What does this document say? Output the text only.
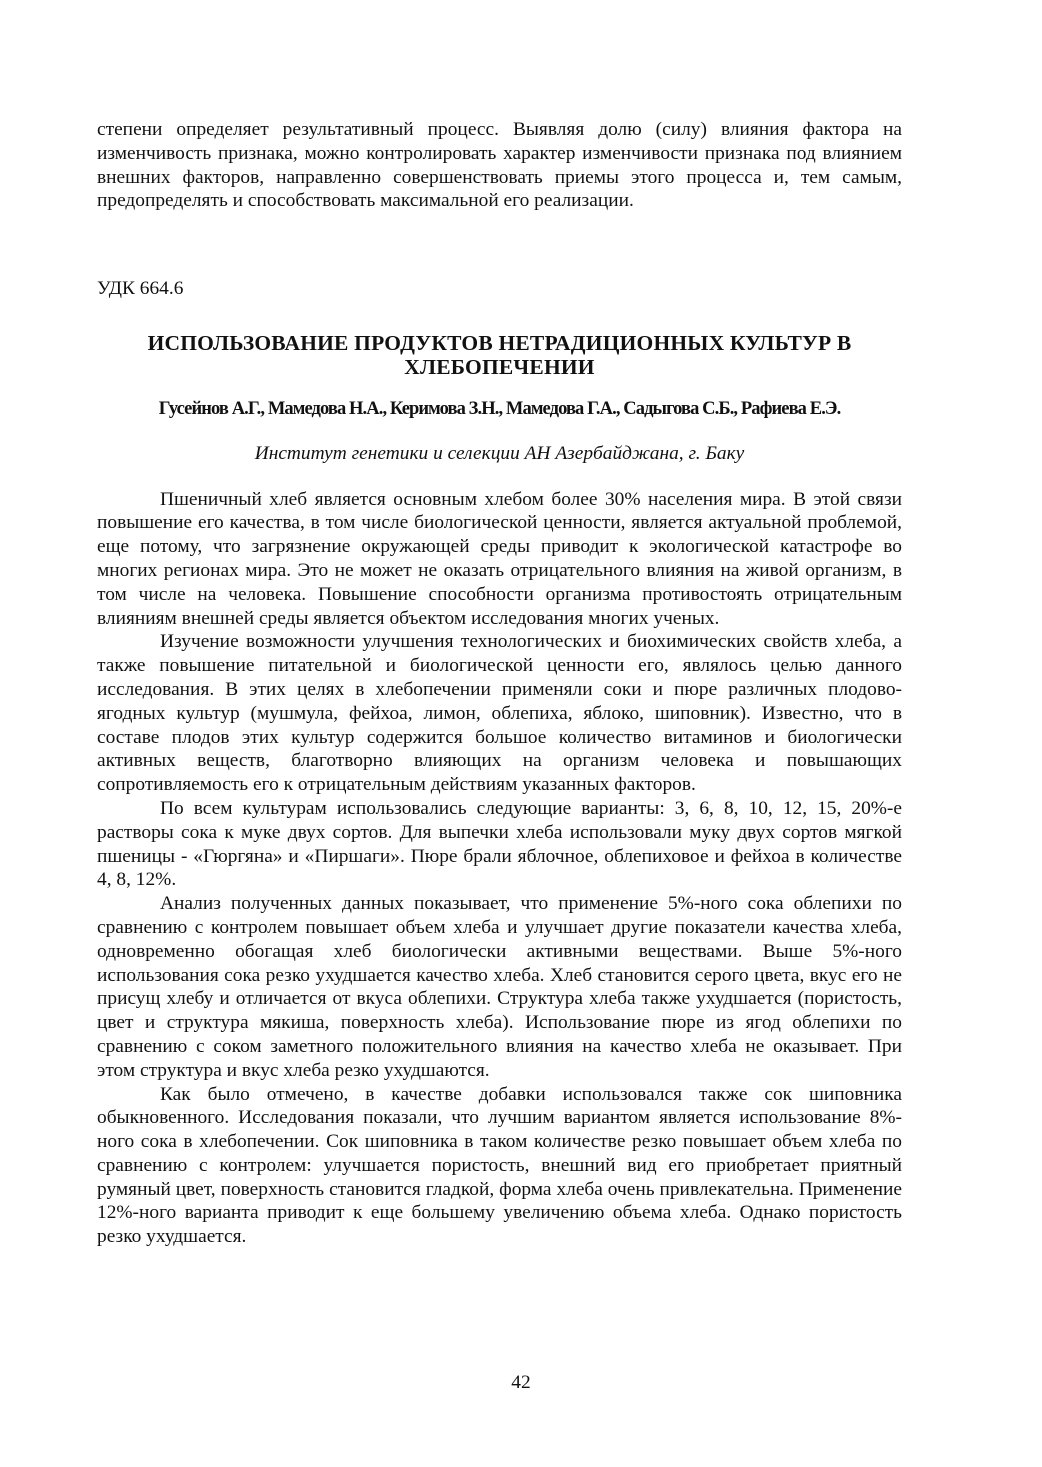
степени определяет результативный процесс. Выявляя долю (силу) влияния фактора на изменчивость признака, можно контролировать характер изменчивости признака под влиянием внешних факторов, направленно совершенствовать приемы этого процесса и, тем самым, предопределять и способствовать максимальной его реализации.

УДК 664.6

ИСПОЛЬЗОВАНИЕ ПРОДУКТОВ НЕТРАДИЦИОННЫХ КУЛЬТУР В
ХЛЕБОПЕЧЕНИИ

Гусейнов А.Г., Мамедова Н.А., Керимова З.Н., Мамедова Г.А., Садыгова С.Б., Рафиева Е.Э.

Институт генетики и селекции АН Азербайджана, г. Баку

Пшеничный хлеб является основным хлебом более 30% населения мира. В этой связи повышение его качества, в том числе биологической ценности, является актуальной проблемой, еще потому, что загрязнение окружающей среды приводит к экологической катастрофе во многих регионах мира. Это не может не оказать отрицательного влияния на живой организм, в том числе на человека. Повышение способности организма противостоять отрицательным влияниям внешней среды является объектом исследования многих ученых.

Изучение возможности улучшения технологических и биохимических свойств хлеба, а также повышение питательной и биологической ценности его, являлось целью данного исследования. В этих целях в хлебопечении применяли соки и пюре различных плодово-ягодных культур (мушмула, фейхоа, лимон, облепиха, яблоко, шиповник). Известно, что в составе плодов этих культур содержится большое количество витаминов и биологически активных веществ, благотворно влияющих на организм человека и повышающих сопротивляемость его к отрицательным действиям указанных факторов.

По всем культурам использовались следующие варианты: 3, 6, 8, 10, 12, 15, 20%-е растворы сока к муке двух сортов. Для выпечки хлеба использовали муку двух сортов мягкой пшеницы - «Гюргяна» и «Пиршаги». Пюре брали яблочное, облепиховое и фейхоа в количестве 4, 8, 12%.

Анализ полученных данных показывает, что применение 5%-ного сока облепихи по сравнению с контролем повышает объем хлеба и улучшает другие показатели качества хлеба, одновременно обогащая хлеб биологически активными веществами. Выше 5%-ного использования сока резко ухудшается качество хлеба. Хлеб становится серого цвета, вкус его не присущ хлебу и отличается от вкуса облепихи. Структура хлеба также ухудшается (пористость, цвет и структура мякиша, поверхность хлеба). Использование пюре из ягод облепихи по сравнению с соком заметного положительного влияния на качество хлеба не оказывает. При этом структура и вкус хлеба резко ухудшаются.

Как было отмечено, в качестве добавки использовался также сок шиповника обыкновенного. Исследования показали, что лучшим вариантом является использование 8%-ного сока в хлебопечении. Сок шиповника в таком количестве резко повышает объем хлеба по сравнению с контролем: улучшается пористость, внешний вид его приобретает приятный румяный цвет, поверхность становится гладкой, форма хлеба очень привлекательна. Применение 12%-ного варианта приводит к еще большему увеличению объема хлеба. Однако пористость резко ухудшается.

42
